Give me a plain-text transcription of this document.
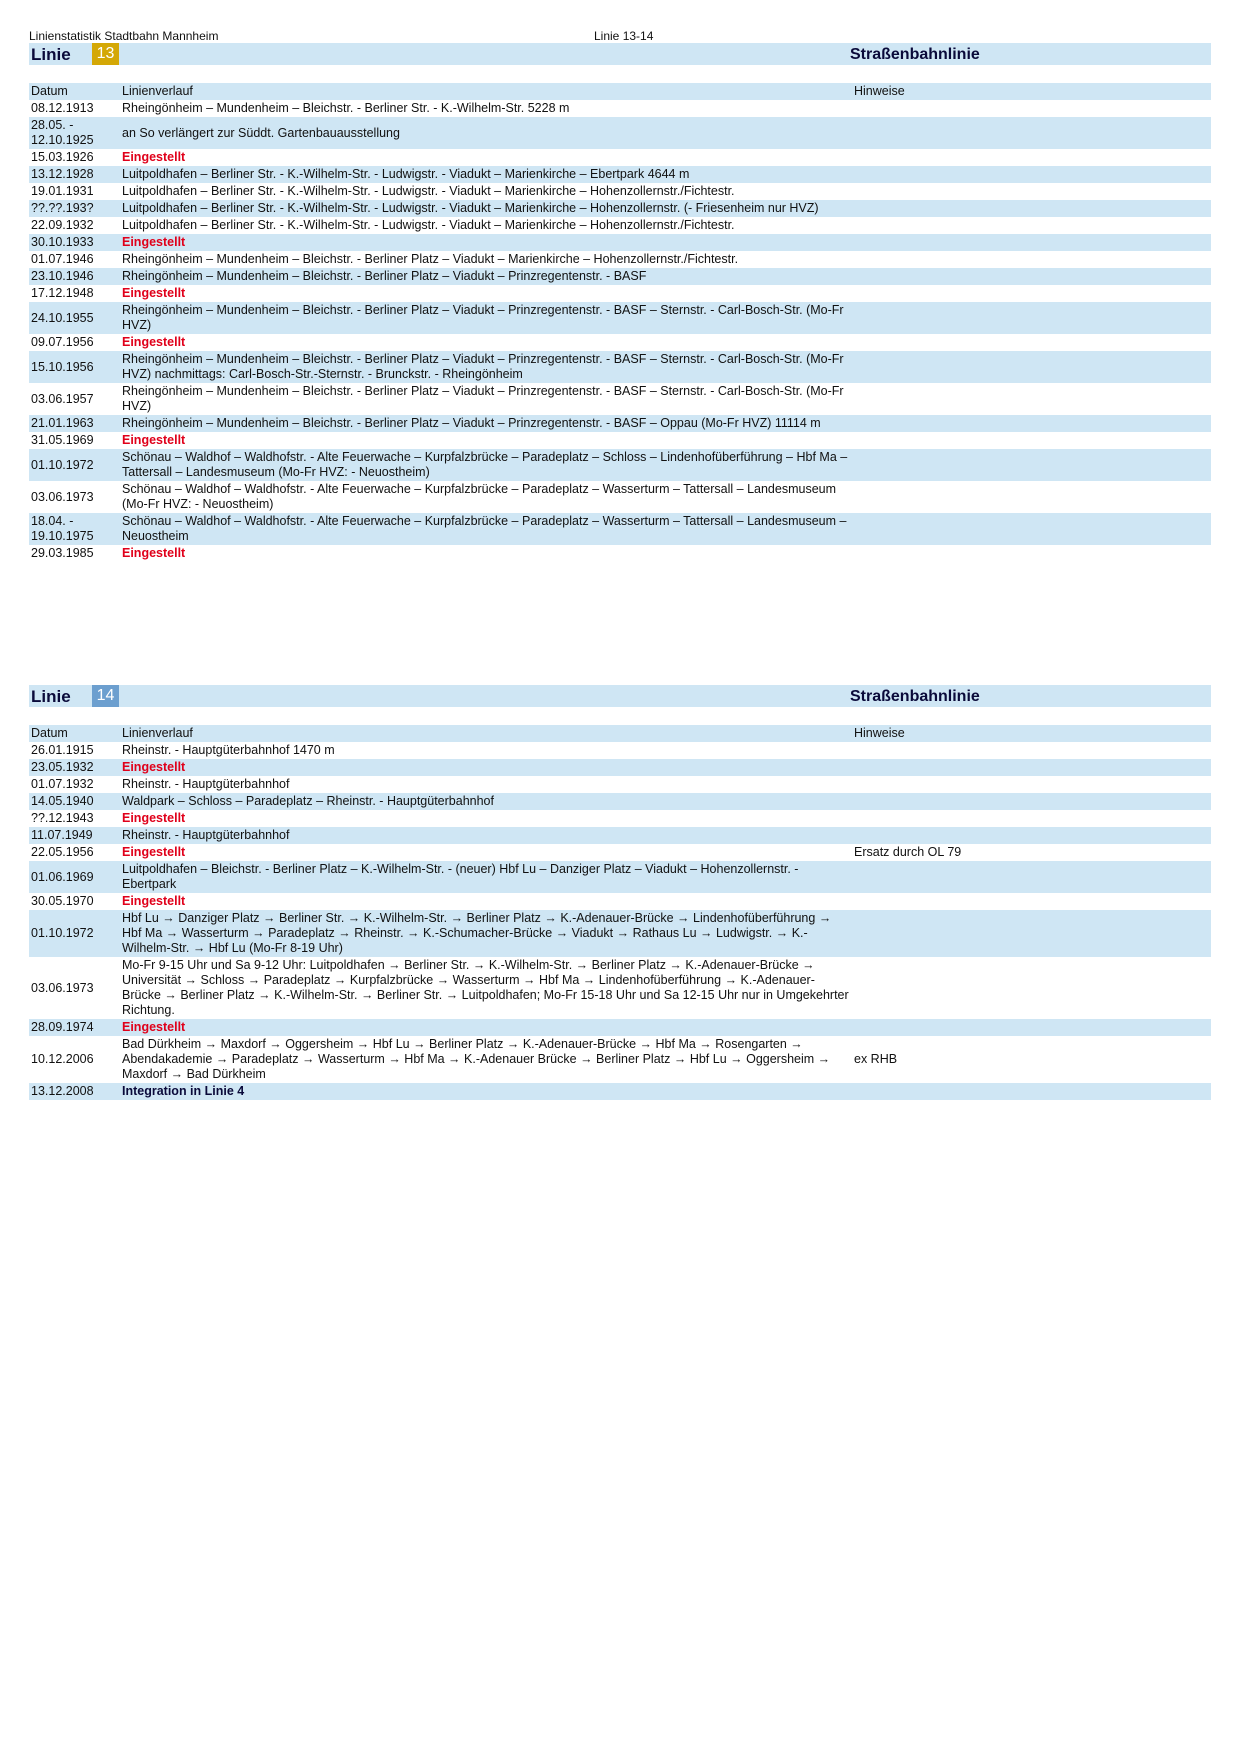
Linienstatistik Stadtbahn Mannheim	Linie 13-14
Linie 13	Straßenbahnlinie
Datum	Linienverlauf	Hinweise
08.12.1913	Rheingönheim – Mundenheim – Bleichstr. - Berliner Str. - K.-Wilhelm-Str. 5228 m	
28.05. - 12.10.1925	an So verlängert zur Süddt. Gartenbauausstellung	
15.03.1926	Eingestellt	
13.12.1928	Luitpoldhafen – Berliner Str. - K.-Wilhelm-Str. - Ludwigstr. - Viadukt – Marienkirche – Ebertpark 4644 m	
19.01.1931	Luitpoldhafen – Berliner Str. - K.-Wilhelm-Str. - Ludwigstr. - Viadukt – Marienkirche – Hohenzollernstr./Fichtestr.	
??.??.193?	Luitpoldhafen – Berliner Str. - K.-Wilhelm-Str. - Ludwigstr. - Viadukt – Marienkirche – Hohenzollernstr. (- Friesenheim nur HVZ)	
22.09.1932	Luitpoldhafen – Berliner Str. - K.-Wilhelm-Str. - Ludwigstr. - Viadukt – Marienkirche – Hohenzollernstr./Fichtestr.	
30.10.1933	Eingestellt	
01.07.1946	Rheingönheim – Mundenheim – Bleichstr. - Berliner Platz – Viadukt – Marienkirche – Hohenzollernstr./Fichtestr.	
23.10.1946	Rheingönheim – Mundenheim – Bleichstr. - Berliner Platz – Viadukt – Prinzregentenstr. - BASF	
17.12.1948	Eingestellt	
24.10.1955	Rheingönheim – Mundenheim – Bleichstr. - Berliner Platz – Viadukt – Prinzregentenstr. - BASF – Sternstr. - Carl-Bosch-Str. (Mo-Fr HVZ)	
09.07.1956	Eingestellt	
15.10.1956	Rheingönheim – Mundenheim – Bleichstr. - Berliner Platz – Viadukt – Prinzregentenstr. - BASF – Sternstr. - Carl-Bosch-Str. (Mo-Fr HVZ) nachmittags: Carl-Bosch-Str.-Sternstr. - Brunckstr. - Rheingönheim	
03.06.1957	Rheingönheim – Mundenheim – Bleichstr. - Berliner Platz – Viadukt – Prinzregentenstr. - BASF – Sternstr. - Carl-Bosch-Str. (Mo-Fr HVZ)	
21.01.1963	Rheingönheim – Mundenheim – Bleichstr. - Berliner Platz – Viadukt – Prinzregentenstr. - BASF – Oppau (Mo-Fr HVZ) 11114 m	
31.05.1969	Eingestellt	
01.10.1972	Schönau – Waldhof – Waldhofstr. - Alte Feuerwache – Kurpfalzbrücke – Paradeplatz – Schloss – Lindenhofüberführung – Hbf Ma – Tattersall – Landesmuseum (Mo-Fr HVZ: - Neuostheim)	
03.06.1973	Schönau – Waldhof – Waldhofstr. - Alte Feuerwache – Kurpfalzbrücke – Paradeplatz – Wasserturm – Tattersall – Landesmuseum (Mo-Fr HVZ: - Neuostheim)	
18.04. - 19.10.1975	Schönau – Waldhof – Waldhofstr. - Alte Feuerwache – Kurpfalzbrücke – Paradeplatz – Wasserturm – Tattersall – Landesmuseum – Neuostheim	
29.03.1985	Eingestellt	
Linie 14	Straßenbahnlinie
Datum	Linienverlauf	Hinweise
26.01.1915	Rheinstr. - Hauptgüterbahnhof 1470 m	
23.05.1932	Eingestellt	
01.07.1932	Rheinstr. - Hauptgüterbahnhof	
14.05.1940	Waldpark – Schloss – Paradeplatz – Rheinstr. - Hauptgüterbahnhof	
??.12.1943	Eingestellt	
11.07.1949	Rheinstr. - Hauptgüterbahnhof	
22.05.1956	Eingestellt	Ersatz durch OL 79
01.06.1969	Luitpoldhafen – Bleichstr. - Berliner Platz – K.-Wilhelm-Str. - (neuer) Hbf Lu – Danziger Platz – Viadukt – Hohenzollernstr. - Ebertpark	
30.05.1970	Eingestellt	
01.10.1972	Hbf Lu → Danziger Platz → Berliner Str. → K.-Wilhelm-Str. → Berliner Platz → K.-Adenauer-Brücke → Lindenhofüberführung → Hbf Ma → Wasserturm → Paradeplatz → Rheinstr. → K.-Schumacher-Brücke → Viadukt → Rathaus Lu → Ludwigstr. → K.-Wilhelm-Str. → Hbf Lu (Mo-Fr 8-19 Uhr)	
03.06.1973	Mo-Fr 9-15 Uhr und Sa 9-12 Uhr: Luitpoldhafen → Berliner Str. → K.-Wilhelm-Str. → Berliner Platz → K.-Adenauer-Brücke → Universität → Schloss → Paradeplatz → Kurpfalzbrücke → Wasserturm → Hbf Ma → Lindenhofüberführung → K.-Adenauer-Brücke → Berliner Platz → K.-Wilhelm-Str. → Berliner Str. → Luitpoldhafen; Mo-Fr 15-18 Uhr und Sa 12-15 Uhr nur in Umgekehrter Richtung.	
28.09.1974	Eingestellt	
10.12.2006	Bad Dürkheim → Maxdorf → Oggersheim → Hbf Lu → Berliner Platz → K.-Adenauer-Brücke → Hbf Ma → Rosengarten → Abendakademie → Paradeplatz → Wasserturm → Hbf Ma → K.-Adenauer Brücke → Berliner Platz → Hbf Lu → Oggersheim → Maxdorf → Bad Dürkheim	ex RHB
13.12.2008	Integration in Linie 4	
